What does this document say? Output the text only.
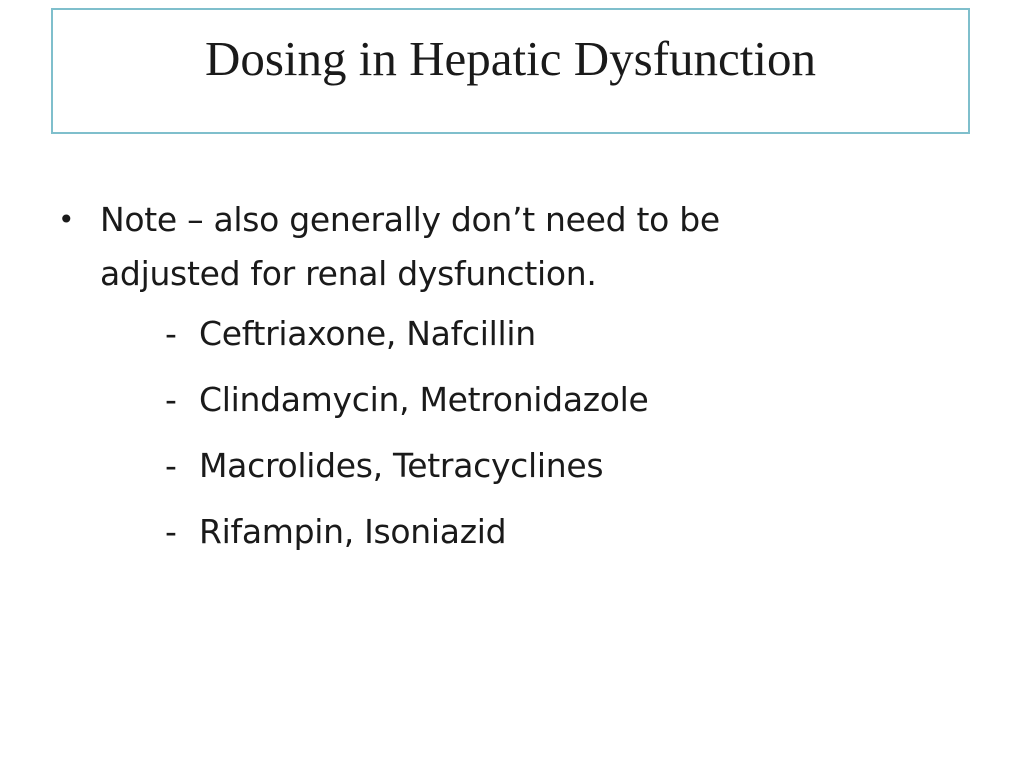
Dosing in Hepatic Dysfunction
• Note – also generally don’t need to be adjusted for renal dysfunction.
- Ceftriaxone, Nafcillin
- Clindamycin, Metronidazole
- Macrolides, Tetracyclines
- Rifampin, Isoniazid
